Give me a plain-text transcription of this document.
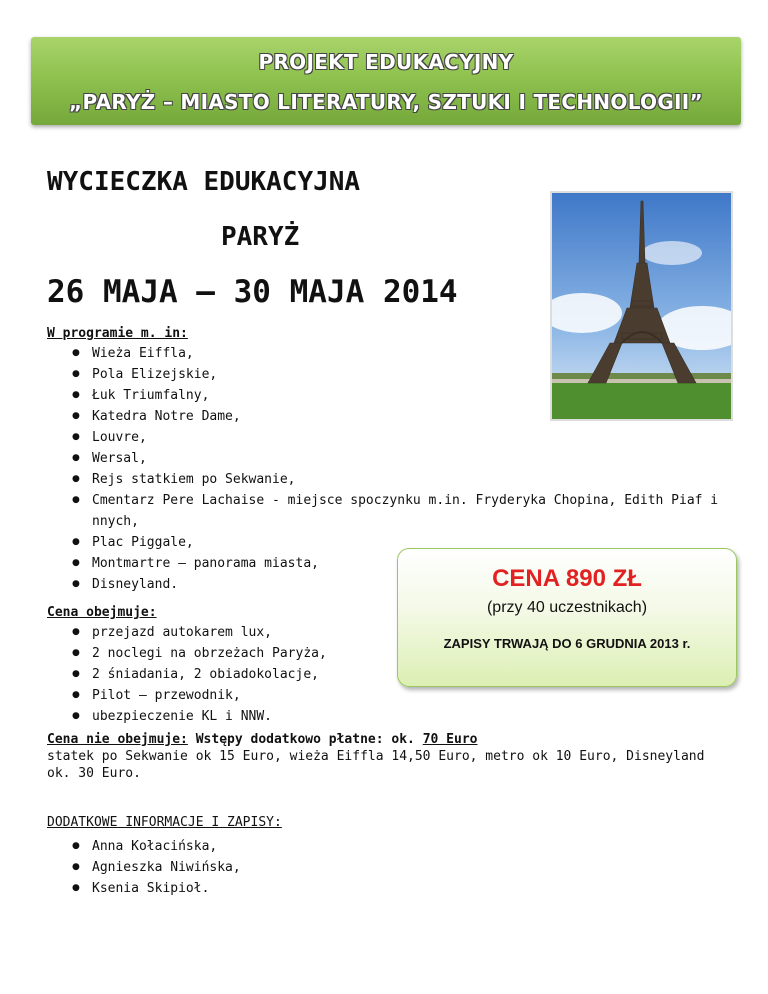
PROJEKT EDUKACYJNY
„PARYŻ – MIASTO LITERATURY, SZTUKI I TECHNOLOGII”
WYCIECZKA EDUKACYJNA
PARYŻ
26 MAJA – 30 MAJA 2014
W programie m. in:
● Wieża Eiffla,
● Pola Elizejskie,
● Łuk Triumfalny,
● Katedra Notre Dame,
● Louvre,
● Wersal,
● Rejs statkiem po Sekwanie,
● Cmentarz Pere Lachaise - miejsce spoczynku m.in. Fryderyka Chopina, Edith Piaf i nnych,
● Plac Piggale,
● Montmartre – panorama miasta,
● Disneyland.	CENA 890 ZŁ
(przy 40 uczestnikach)
ZAPISY TRWAJĄ DO 6 GRUDNIA 2013 r.
Cena obejmuje:
● przejazd autokarem lux,
● 2 noclegi na obrzeżach Paryża,
● 2 śniadania, 2 obiadokolacje,
● Pilot – przewodnik,
● ubezpieczenie KL i NNW.
Cena nie obejmuje: Wstępy dodatkowo płatne: ok. 70 Euro
statek po Sekwanie ok 15 Euro, wieża Eiffla 14,50 Euro, metro ok 10 Euro, Disneyland ok. 30 Euro.
DODATKOWE INFORMACJE I ZAPISY:
● Anna Kołacińska,
● Agnieszka Niwińska,
● Ksenia Skipioł.
